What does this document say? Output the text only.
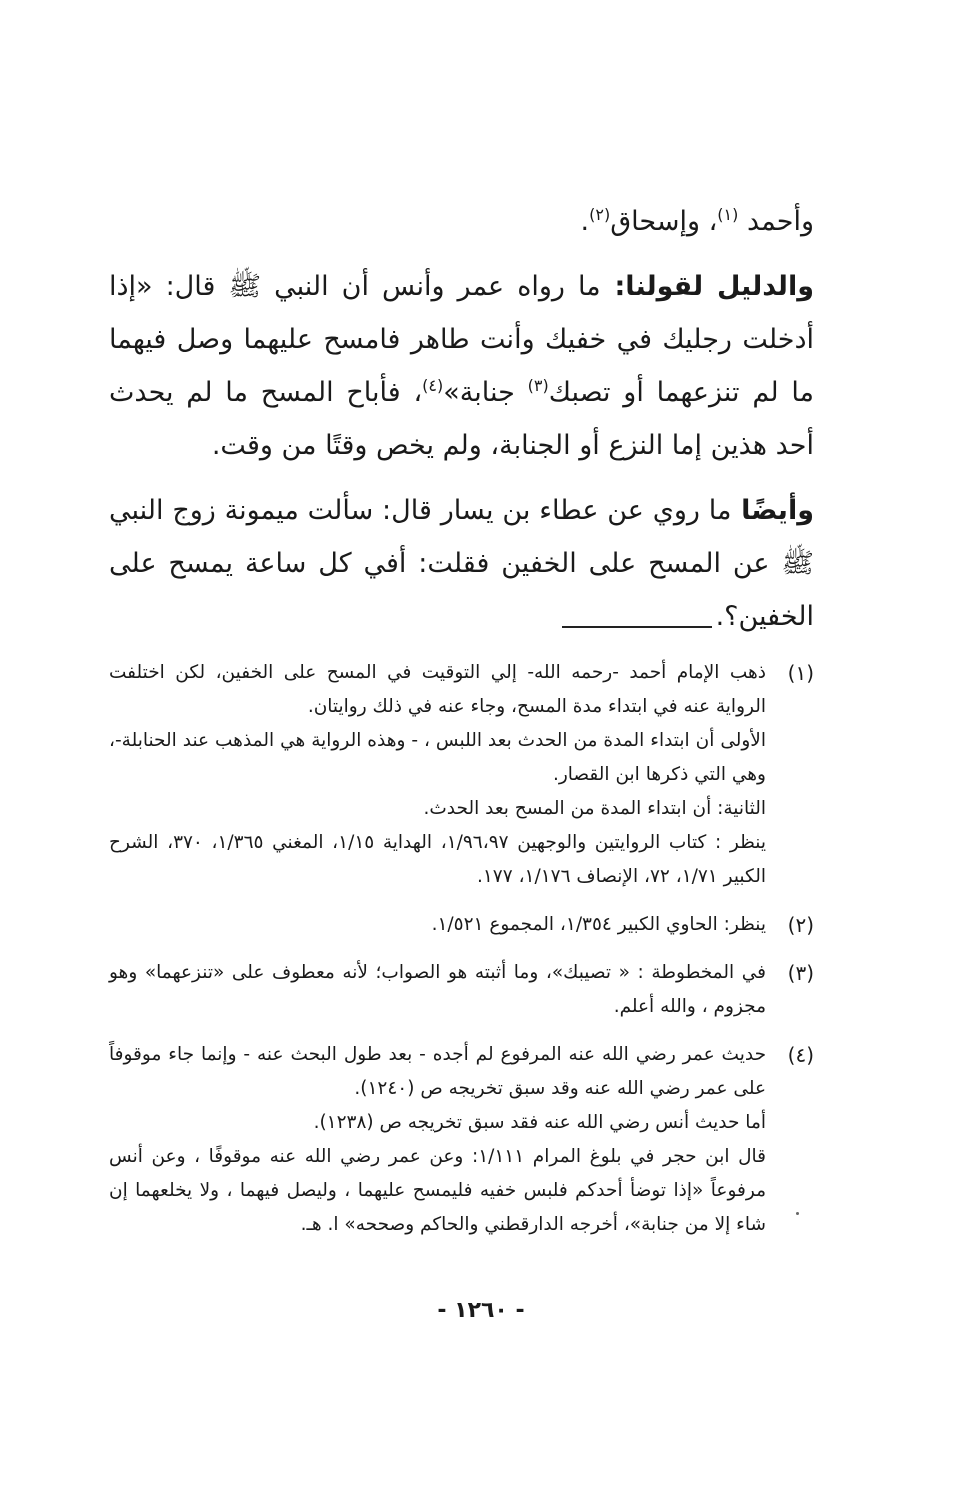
وأحمد $^{(١)}$، وإسحاق$^{(٢)}$.

والدليل لقولنا: ما رواه عمر وأنس أن النبي ﷺ قال: «إذا أدخلت رجليك في خفيك وأنت طاهر فامسح عليهما وصل فيهما ما لم تنزعهما أو تصبك$^{(٣)}$ جنابة»$^{(٤)}$، فأباح المسح ما لم يحدث أحد هذين إما النزع أو الجنابة، ولم يخص وقتًا من وقت.

وأيضًا ما روي عن عطاء بن يسار قال: سألت ميمونة زوج النبي ﷺ عن المسح على الخفين فقلت: أفي كل ساعة يمسح على الخفين؟.

(١)

ذهب الإمام أحمد -رحمه الله- إلي التوقيت في المسح على الخفين، لكن اختلفت الرواية عنه في ابتداء مدة المسح، وجاء عنه في ذلك روايتان.

الأولى أن ابتداء المدة من الحدث بعد اللبس ، - وهذه الرواية هي المذهب عند الحنابلة-، وهي التي ذكرها ابن القصار.

الثانية: أن ابتداء المدة من المسح بعد الحدث.

ينظر : كتاب الروايتين والوجهين ١/٩٦،٩٧، الهداية ١/١٥، المغني ١/٣٦٥، ٣٧٠، الشرح الكبير ١/٧١، ٧٢، الإنصاف ١/١٧٦، ١٧٧.

(٢)

ينظر: الحاوي الكبير ١/٣٥٤، المجموع ١/٥٢١.

(٣)

في المخطوطة : « تصيبك»، وما أثبته هو الصواب؛ لأنه معطوف على «تنزعهما» وهو مجزوم ، والله أعلم.

(٤)

حديث عمر رضي الله عنه المرفوع لم أجده - بعد طول البحث عنه - وإنما جاء موقوفاً على عمر رضي الله عنه وقد سبق تخريجه ص (١٢٤٠).

أما حديث أنس رضي الله عنه فقد سبق تخريجه ص (١٢٣٨).

قال ابن حجر في بلوغ المرام ١/١١١: وعن عمر رضي الله عنه موقوفًا ، وعن أنس مرفوعاً «إذا توضأ أحدكم فلبس خفيه فليمسح عليهما ، وليصل فيهما ، ولا يخلعهما إن شاء إلا من جنابة»، أخرجه الدارقطني والحاكم وصححه» ا. هـ.

- ١٢٦٠ -
